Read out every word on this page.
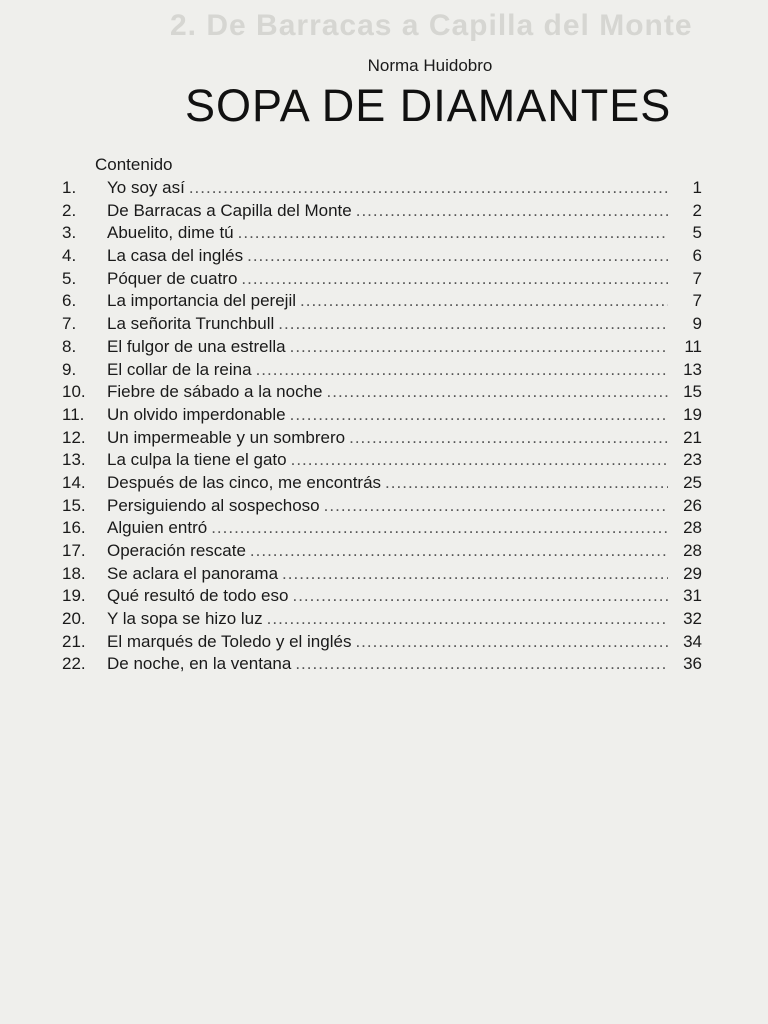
2. De Barracas a Capilla del Monte
Norma Huidobro
SOPA DE DIAMANTES
Contenido
1.	Yo soy así .....	1
2.	De Barracas a Capilla del Monte .....	2
3.	Abuelito, dime tú .....	5
4.	La casa del inglés .....	6
5.	Póquer de cuatro .....	7
6.	La importancia del perejil .....	7
7.	La señorita Trunchbull .....	9
8.	El fulgor de una estrella .....	11
9.	El collar de la reina .....	13
10.	Fiebre de sábado a la noche .....	15
11.	Un olvido imperdonable .....	19
12.	Un impermeable y un sombrero .....	21
13.	La culpa la tiene el gato .....	23
14.	Después de las cinco, me encontrás .....	25
15.	Persiguiendo al sospechoso .....	26
16.	Alguien entró .....	28
17.	Operación rescate .....	28
18.	Se aclara el panorama .....	29
19.	Qué resultó de todo eso .....	31
20.	Y la sopa se hizo luz .....	32
21.	El marqués de Toledo y el inglés .....	34
22.	De noche, en la ventana .....	36
